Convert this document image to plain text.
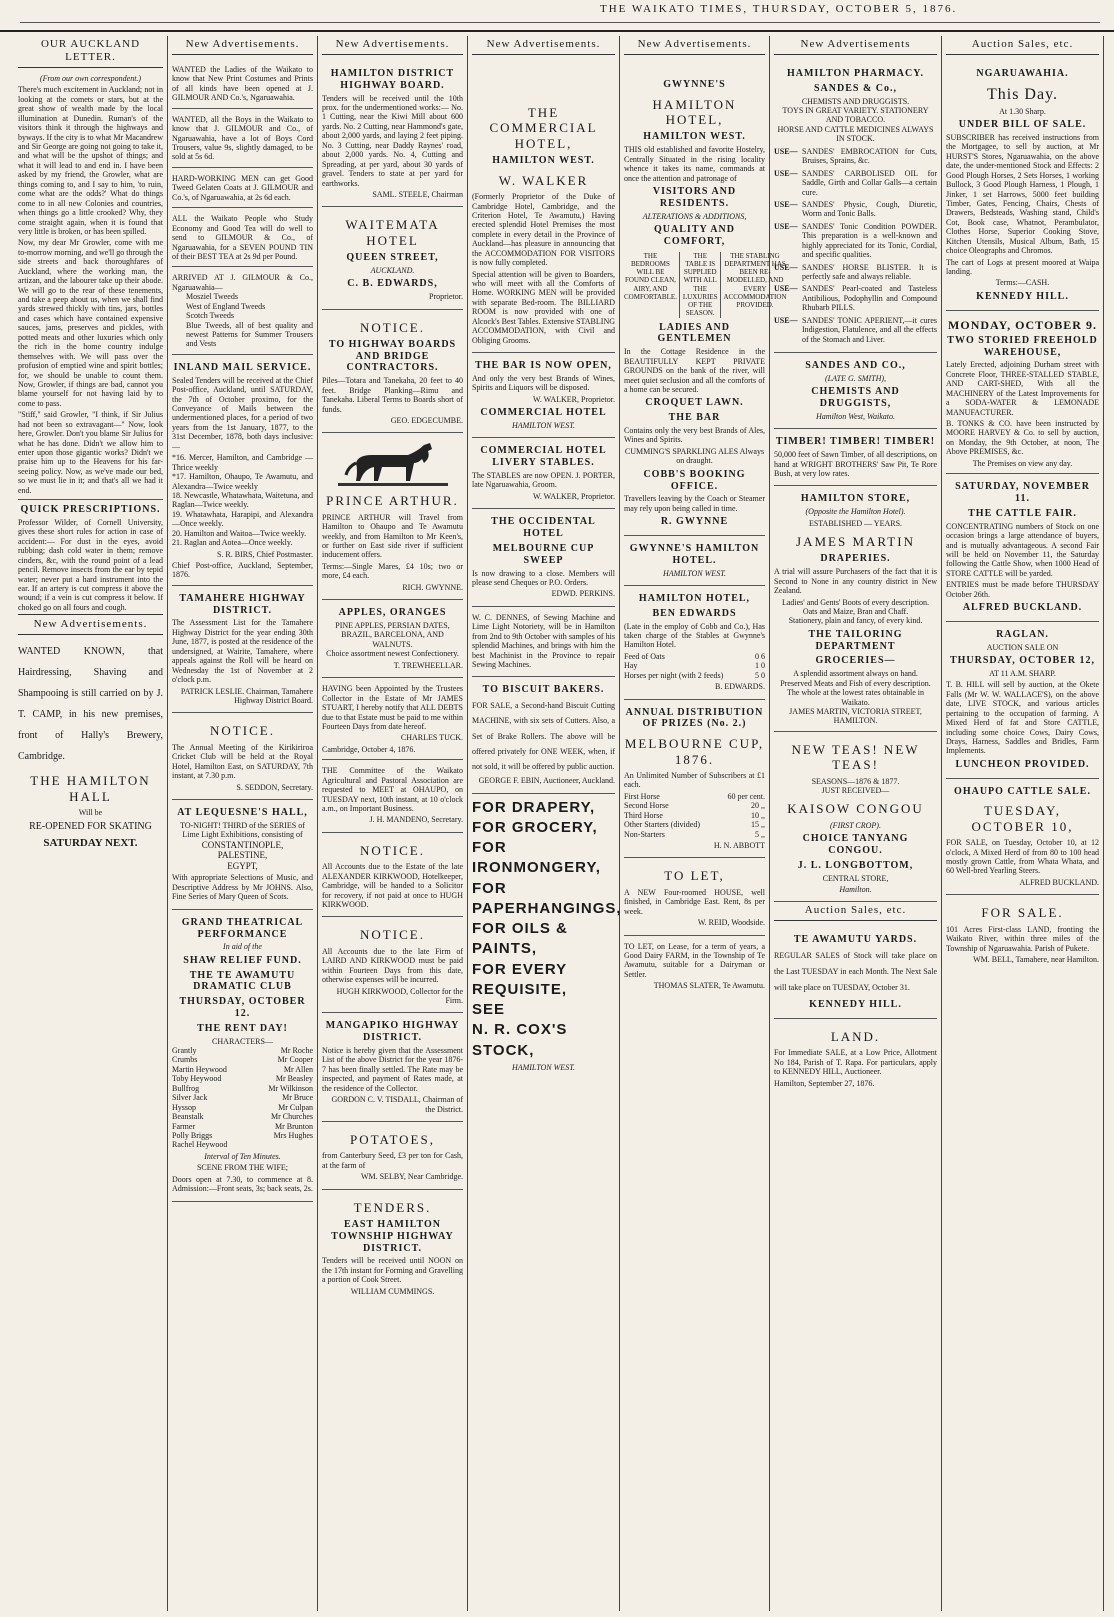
THE WAIKATO TIMES, THURSDAY, OCTOBER 5, 1876.
OUR AUCKLAND LETTER.
(From our own correspondent.)

There's much excitement in Auckland; not in looking at the comets or stars, but at the great show of wealth made by the local illumination at Dunedin. Ruman's of the visitors think it through the highways and byways. If the city is to what Mr Macandrew and Sir George are going not going to take it, and what will be the upshot of things; and what it will lead to and end in. I have been asked by my friend, the Growler, what are things coming to, and I say to him, 'to ruin, come what are the odds?' What do things come to in all new Colonies and countries, when things go a little crooked? Why, they come straight again, when it is found that very little is broken, or has been spilled.

Now, my dear Mr Growler, come with me to-morrow morning, and we'll go through the side streets and back thoroughfares of Auckland, where the working man, the artizan, and the labourer take up their abode. We will go to the rear of these tenements, and take a peep about us, when we shall find yards strewed thickly with tins, jars, bottles and cases which have contained expensive sauces, jams, preserves and pickles, with potted meats and other luxuries which only the rich in the home country indulge themselves with. We will pass over the profusion of emptied wine and spirit bottles; for, we should be unable to count them. Now, Growler, if things are bad, cannot you blame yourself for not having laid by to come to pass.

"Stiff," said Growler, "I think, if Sir Julius had not been so extravagant—" Now, look here, Growler. Don't you blame Sir Julius for what he has done. Didn't we allow him to enter upon those gigantic works? Didn't we praise him up to the Heavens for his far-seeing policy. Now, as we've made our bed, so we must lie in it; and that's all we had it end.

QUICK PRESCRIPTIONS.

Professor Wilder, of Cornell University, gives these short rules for action in case of accident:— For dust in the eyes, avoid rubbing; dash cold water in them; remove cinders, &c, with the round point of a lead pencil. Remove insects from the ear by tepid water; never put a hard instrument into the ear. If an artery is cut compress it above the wound; if a vein is cut compress it below. If choked go on all fours and cough.

New Advertisements.

WANTED KNOWN, that Hairdressing, Shaving and Shampooing is still carried on by J. T. CAMP, in his new premises, front of Hally's Brewery, Cambridge.

THE HAMILTON HALL
Will be
RE-OPENED FOR SKATING
SATURDAY NEXT.
New Advertisements.

WANTED the Ladies of the Waikato to know that New Print Costumes and Prints of all kinds have been opened at J. GILMOUR AND Co.'s, Ngaruawahia.

WANTED, all the Boys in the Waikato to know that J. GILMOUR and Co., of Ngaruawahia, have a lot of Boys Cord Trousers, value 9s, slightly damaged, to be sold at 5s 6d.

HARD-WORKING MEN can get Good Tweed Gelaten Coats at J. GILMOUR and Co.'s, of Ngaruawahia, at 2s 6d each.

ALL the Waikato People who Study Economy and Good Tea will do well to send to GILMOUR & Co., of Ngaruawahia, for a SEVEN POUND TIN of their BEST TEA at 2s 9d per Pound.

ARRIVED AT J. GILMOUR & Co., Ngaruawahia—
Mosziel Tweeds
West of England Tweeds
Scotch Tweeds
Blue Tweeds, all of best quality and newest Patterns for Summer Trousers and Vests
INLAND MAIL SERVICE.

Sealed Tenders will be received at the Chief Post-office, Auckland, until SATURDAY, the 7th of October proximo, for the Conveyance of Mails between the undermentioned places, for a period of two years from the 1st January, 1877, to the 31st December, 1878, both days inclusive:—

*16. Mercer, Hamilton, and Cambridge —Thrice weekly
*17. Hamilton, Ohaupo, Te Awamutu, and Alexandra—Twice weekly
18. Newcastle, Whatawhata, Waitetuna, and Raglan—Twice weekly.
19. Whatawhata, Harapipi, and Alexandra—Once weekly.
20. Hamilton and Waitoa—Twice weekly.
21. Raglan and Aotea—Once weekly.
S. R. BIRS, Chief Postmaster.
Chief Post-office, Auckland, September, 1876.
TAMAHERE HIGHWAY DISTRICT.

The Assessment List for the Tamahere Highway District for the year ending 30th June, 1877, is posted at the residence of the undersigned, at Wairite, Tamahere, where appeals against the Roll will be heard on Wednesday the 1st of November at 2 o'clock p.m.

PATRICK LESLIE. Chairman, Tamahere Highway District Board.
NOTICE.

The Annual Meeting of the Kirikiriroa Cricket Club will be held at the Royal Hotel, Hamilton East, on SATURDAY, 7th instant, at 7.30 p.m.

S. SEDDON, Secretary.
AT LEQUESNE'S HALL,
TO-NIGHT! THIRD of the SERIES of Lime Light Exhibitions, consisting of
CONSTANTINOPLE,
PALESTINE,
EGYPT,

With appropriate Selections of Music, and Descriptive Address by Mr JOHNS. Also, Fine Series of Mary Queen of Scots.

GRAND THEATRICAL PERFORMANCE
In aid of the
SHAW RELIEF FUND.
THE TE AWAMUTU DRAMATIC CLUB
THURSDAY, OCTOBER 12.
THE RENT DAY!
CHARACTERS—
Grantly	Mr Roche
Crumbs	Mr Cooper
Martin Heywood	Mr Allen
Toby Heywood	Mr Beasley
Bullfrog	Mr Wilkinson
Silver Jack	Mr Bruce
Hyssop	Mr Culpan
Beanstalk	Mr Churches
Farmer	Mr Brunton
Polly Briggs	Mrs Hughes
Rachel Heywood
Interval of Ten Minutes.
SCENE FROM THE WIFE;

Doors open at 7.30, to commence at 8. Admission:—Front seats, 3s; back seats, 2s.

New Advertisements.
HAMILTON DISTRICT HIGHWAY BOARD.

Tenders will be received until the 10th prox. for the undermentioned works:— No. 1 Cutting, near the Kiwi Mill about 600 yards. No. 2 Cutting, near Hammond's gate, about 2,000 yards, and laying 2 feet piping. No. 3 Cutting, near Daddy Raynes' road, about 2,000 yards. No. 4, Cutting and Spreading, at per yard, about 30 yards of gravel. Tenders to state at per yard for earthworks.

SAML. STEELE, Chairman
WAITEMATA HOTEL
QUEEN STREET,
AUCKLAND.
C. B. EDWARDS,
Proprietor.
NOTICE.
TO HIGHWAY BOARDS AND BRIDGE CONTRACTORS.

Piles—Totara and Tanekaha, 20 feet to 40 feet. Bridge Planking—Rimu and Tanekaha. Liberal Terms to Boards short of funds.

GEO. EDGECUMBE.
PRINCE ARTHUR.

PRINCE ARTHUR will Travel from Hamilton to Ohaupo and Te Awamutu weekly, and from Hamilton to Mr Keen's, or further on East side river if sufficient inducement offers.

Terms:—Single Mares, £4 10s; two or more, £4 each.

RICH. GWYNNE.
APPLES, ORANGES
PINE APPLES, PERSIAN DATES,
BRAZIL, BARCELONA, AND
WALNUTS.
Choice assortment newest Confectionery.
T. TREWHEELLAR.

HAVING been Appointed by the Trustees Collector in the Estate of Mr JAMES STUART, I hereby notify that ALL DEBTS due to that Estate must be paid to me within Fourteen Days from date hereof.

CHARLES TUCK.
Cambridge, October 4, 1876.

THE Committee of the Waikato Agricultural and Pastoral Association are requested to MEET at OHAUPO, on TUESDAY next, 10th instant, at 10 o'clock a.m., on Important Business.

J. H. MANDENO, Secretary.
NOTICE.

All Accounts due to the Estate of the late ALEXANDER KIRKWOOD, Hotelkeeper, Cambridge, will be handed to a Solicitor for recovery, if not paid at once to HUGH KIRKWOOD.

NOTICE.

All Accounts due to the late Firm of LAIRD AND KIRKWOOD must be paid within Fourteen Days from this date, otherwise expenses will be incurred.

HUGH KIRKWOOD, Collector for the Firm.
MANGAPIKO HIGHWAY DISTRICT.

Notice is hereby given that the Assessment List of the above District for the year 1876-7 has been finally settled. The Rate may be inspected, and payment of Rates made, at the residence of the Collector.

GORDON C. V. TISDALL, Chairman of the District.
POTATOES,

from Canterbury Seed, £3 per ton for Cash, at the farm of

WM. SELBY, Near Cambridge.
TENDERS.
EAST HAMILTON TOWNSHIP HIGHWAY DISTRICT.

Tenders will be received until NOON on the 17th instant for Forming and Gravelling a portion of Cook Street.

WILLIAM CUMMINGS.
New Advertisements.
THE COMMERCIAL HOTEL,
HAMILTON WEST.
W. WALKER

(Formerly Proprietor of the Duke of Cambridge Hotel, Cambridge, and the Criterion Hotel, Te Awamutu,) Having erected splendid Hotel Premises the most complete in every detail in the Province of Auckland—has pleasure in announcing that the ACCOMMODATION FOR VISITORS is now fully completed.

Special attention will be given to Boarders, who will meet with all the Comforts of Home. WORKING MEN will be provided with separate Bed-room. The BILLIARD ROOM is now provided with one of Alcock's Best Tables. Extensive STABLING ACCOMMODATION, with Civil and Obliging Grooms.

THE BAR IS NOW OPEN,

And only the very best Brands of Wines, Spirits and Liquors will be disposed.

W. WALKER, Proprietor.
COMMERCIAL HOTEL
HAMILTON WEST.
COMMERCIAL HOTEL LIVERY STABLES.

The STABLES are now OPEN. J. PORTER, late Ngaruawahia, Groom.

W. WALKER, Proprietor.
THE OCCIDENTAL HOTEL
MELBOURNE CUP SWEEP

Is now drawing to a close. Members will please send Cheques or P.O. Orders.

EDWD. PERKINS.

W. C. DENNES, of Sewing Machine and Lime Light Notoriety, will be in Hamilton from 2nd to 9th October with samples of his splendid Machines, and brings with him the best Machinist in the Province to repair Sewing Machines.

TO BISCUIT BAKERS.

FOR SALE, a Second-hand Biscuit Cutting MACHINE, with six sets of Cutters. Also, a Set of Brake Rollers. The above will be offered privately for ONE WEEK, when, if not sold, it will be offered by public auction.

GEORGE F. EBIN, Auctioneer, Auckland.
FOR DRAPERY,
FOR GROCERY,
FOR IRONMONGERY,
FOR PAPERHANGINGS,
FOR OILS & PAINTS,
FOR EVERY REQUISITE,
SEE
N. R. COX'S STOCK,
HAMILTON WEST.
New Advertisements.
GWYNNE'S
HAMILTON HOTEL,
HAMILTON WEST.

THIS old established and favorite Hostelry, Centrally Situated in the rising locality whence it takes its name, commands at once the attention and patronage of

VISITORS AND RESIDENTS.
ALTERATIONS & ADDITIONS,
QUALITY AND COMFORT,
THE BEDROOMS WILL BE FOUND CLEAN, AIRY, AND COMFORTABLE.
THE TABLE IS SUPPLIED WITH ALL THE LUXURIES OF THE SEASON.
THE STABLING DEPARTMENT HAS BEEN RE-MODELLED, AND EVERY ACCOMMODATION PROVIDED.
LADIES AND GENTLEMEN

In the Cottage Residence in the BEAUTIFULLY KEPT PRIVATE GROUNDS on the bank of the river, will meet quiet seclusion and all the comforts of a home can be secured.

CROQUET LAWN.
THE BAR

Contains only the very best Brands of Ales, Wines and Spirits.

CUMMING'S SPARKLING ALES Always on draught.
COBB'S BOOKING OFFICE.

Travellers leaving by the Coach or Steamer may rely upon being called in time.

R. GWYNNE
GWYNNE'S HAMILTON HOTEL.
HAMILTON WEST.
HAMILTON HOTEL,
BEN EDWARDS

(Late in the employ of Cobb and Co.), Has taken charge of the Stables at Gwynne's Hamilton Hotel.

Feed of Oats	0 6
Hay	1 0
Horses per night (with 2 feeds)	5 0
B. EDWARDS.
ANNUAL DISTRIBUTION OF PRIZES (No. 2.)
MELBOURNE CUP, 1876.

An Unlimited Number of Subscribers at £1 each.

First Horse	60 per cent.
Second Horse	20 ,,
Third Horse	10 ,,
Other Starters (divided)	15 ,,
Non-Starters	5 ,,
H. N. ABBOTT
TO LET,

A NEW Four-roomed HOUSE, well finished, in Cambridge East. Rent, 8s per week.

W. REID, Woodside.

TO LET, on Lease, for a term of years, a Good Dairy FARM, in the Township of Te Awamutu, suitable for a Dairyman or Settler.

THOMAS SLATER, Te Awamutu.
New Advertisements
HAMILTON PHARMACY.
SANDES & Co.,
CHEMISTS AND DRUGGISTS.
TOYS IN GREAT VARIETY. STATIONERY AND TOBACCO.
HORSE AND CATTLE MEDICINES ALWAYS IN STOCK.
USE— SANDES' EMBROCATION for Cuts, Bruises, Sprains, &c.
USE— SANDES' CARBOLISED OIL for Saddle, Girth and Collar Galls—a certain cure.
USE— SANDES' Physic, Cough, Diuretic, Worm and Tonic Balls.
USE— SANDES' Tonic Condition POWDER. This preparation is a well-known and highly appreciated for its Tonic, Cordial, and specific qualities.
USE— SANDES' HORSE BLISTER. It is perfectly safe and always reliable.
USE— SANDES' Pearl-coated and Tasteless Antibilious, Podophyllin and Compound Rhubarb PILLS.
USE— SANDES' TONIC APERIENT,—it cures Indigestion, Flatulence, and all the effects of the Stomach and Liver.
SANDES AND CO.,
(LATE G. SMITH),
CHEMISTS AND DRUGGISTS,
Hamilton West, Waikato.
TIMBER! TIMBER! TIMBER!

50,000 feet of Sawn Timber, of all descriptions, on hand at WRIGHT BROTHERS' Saw Pit, Te Rore Bush, at very low rates.

HAMILTON STORE,
(Opposite the Hamilton Hotel).
ESTABLISHED — YEARS.
JAMES MARTIN
DRAPERIES.

A trial will assure Purchasers of the fact that it is Second to None in any country district in New Zealand.

Ladies' and Gents' Boots of every description.
Oats and Maize, Bran and Chaff.
Stationery, plain and fancy, of every kind.
THE TAILORING DEPARTMENT
GROCERIES—
A splendid assortment always on hand.
Preserved Meats and Fish of every description.
The whole at the lowest rates obtainable in Waikato.
JAMES MARTIN, VICTORIA STREET, HAMILTON.
NEW TEAS! NEW TEAS!
SEASONS—1876 & 1877.
JUST RECEIVED—
KAISOW CONGOU
(FIRST CROP).
CHOICE TANYANG CONGOU.
J. L. LONGBOTTOM,
CENTRAL STORE,
Hamilton.
Auction Sales, etc.
TE AWAMUTU YARDS.

REGULAR SALES of Stock will take place on the Last TUESDAY in each Month. The Next Sale will take place on TUESDAY, October 31.

KENNEDY HILL.
LAND.

For Immediate SALE, at a Low Price, Allotment No 184, Parish of T. Rapa. For particulars, apply to KENNEDY HILL, Auctioneer.

Hamilton, September 27, 1876.
Auction Sales, etc.
NGARUAWAHIA.
This Day.
At 1.30 Sharp.
UNDER BILL OF SALE.

SUBSCRIBER has received instructions from the Mortgagee, to sell by auction, at Mr HURST'S Stores, Ngaruawahia, on the above date, the under-mentioned Stock and Effects: 2 Good Plough Horses, 2 Sets Horses, 1 working Bullock, 3 Good Plough Harness, 1 Plough, 1 Jinker, 1 set Harrows, 5000 feet building Timber, Gates, Fencing, Chairs, Chests of Drawers, Bedsteads, Washing stand, Child's Cot, Book case, Whatnot, Perambulator, Clothes Horse, Superior Cooking Stove, Kitchen Utensils, Musical Album, Bath, 15 choice Oleographs and Chromos.

The cart of Logs at present moored at Waipa landing.

Terms:—CASH.
KENNEDY HILL.
MONDAY, OCTOBER 9.
TWO STORIED FREEHOLD WAREHOUSE,

Lately Erected, adjoining Durham street with Concrete Floor, THREE-STALLED STABLE, AND CART-SHED, With all the MACHINERY of the Latest Improvements for a SODA-WATER & LEMONADE MANUFACTURER.

B. TONKS & CO. have been instructed by MOORE HARVEY & Co. to sell by auction, on Monday, the 9th October, at noon, The Above PREMISES, &c.

The Premises on view any day.
SATURDAY, NOVEMBER 11.
THE CATTLE FAIR.

CONCENTRATING numbers of Stock on one occasion brings a large attendance of buyers, and is mutually advantageous. A second Fair will be held on November 11, the Saturday following the Cattle Show, when 1000 Head of STORE CATTLE will be yarded.

ENTRIES must be made before THURSDAY October 26th.

ALFRED BUCKLAND.
RAGLAN.
AUCTION SALE ON
THURSDAY, OCTOBER 12,
AT 11 A.M. SHARP.

T. B. HILL will sell by auction, at the Okete Falls (Mr W. W. WALLACE'S), on the above date, LIVE STOCK, and various articles pertaining to the occupation of farming. A Mixed Herd of fat and Store CATTLE, including some choice Cows, Dairy Cows, Drays, Harness, Saddles and Bridles, Farm Implements.

LUNCHEON PROVIDED.
OHAUPO CATTLE SALE.
TUESDAY, OCTOBER 10,

FOR SALE, on Tuesday, October 10, at 12 o'clock, A Mixed Herd of from 80 to 100 head mostly grown Cattle, from Whata Whata, and 60 Well-bred Yearling Steers.

ALFRED BUCKLAND.
FOR SALE.

101 Acres First-class LAND, fronting the Waikato River, within three miles of the Township of Ngaruawahia. Parish of Pukete.

WM. BELL, Tamahere, near Hamilton.
